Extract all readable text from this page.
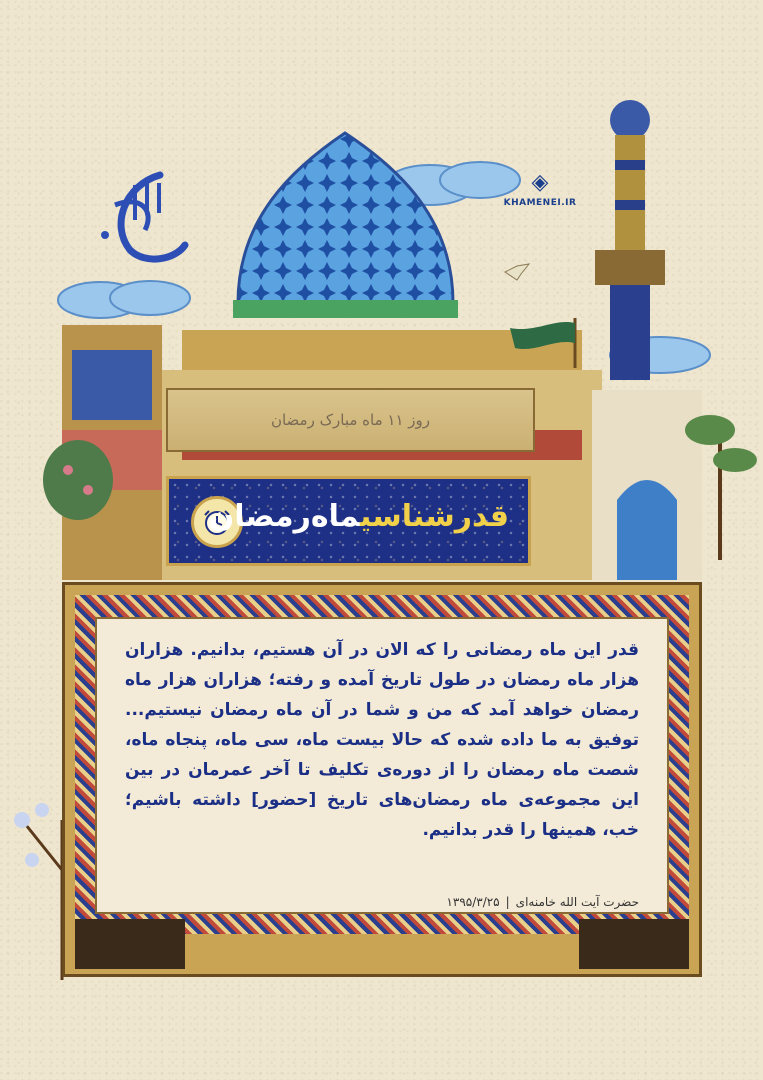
◈
KHAMENEI.IR
روز ۱۱ ماه مبارک رمضان
قدرشناسیماه‌رمضان
قدر این ماه رمضانی را که الان در آن هستیم، بدانیم. هزاران هزار ماه رمضان در طول تاریخ آمده و رفته؛ هزاران هزار ماه رمضان خواهد آمد که من و شما در آن ماه رمضان نیستیم... توفیق به ما داده شده که حالا بیست ماه، سی ماه، پنجاه ماه، شصت ماه رمضان را از دوره‌ی تکلیف تا آخر عمرمان در بین این مجموعه‌ی ماه رمضان‌های تاریخ [حضور] داشته باشیم؛ خب، همینها را قدر بدانیم.
حضرت آیت الله خامنه‌ای
|
۱۳۹۵/۳/۲۵
